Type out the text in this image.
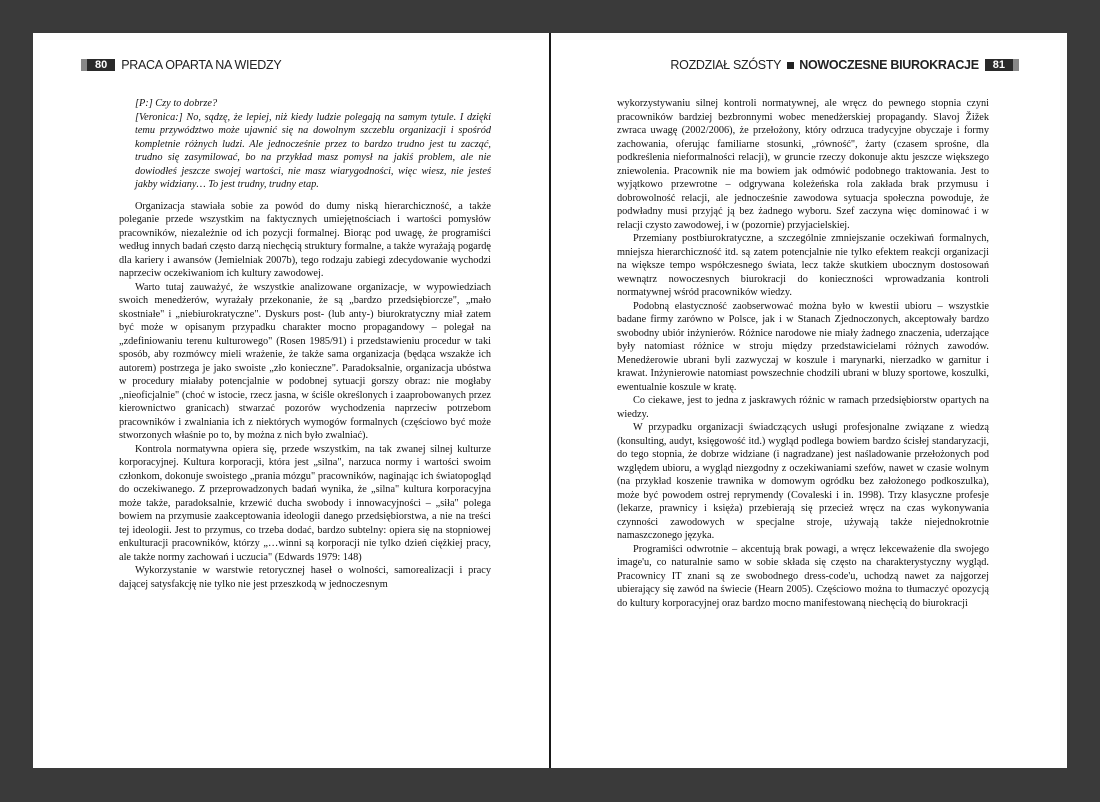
80	PRACA OPARTA NA WIEDZY

[P:] Czy to dobrze?

[Veronica:] No, sądzę, że lepiej, niż kiedy ludzie polegają na samym tytule. I dzięki temu przywództwo może ujawnić się na dowolnym szczeblu organizacji i spośród kompletnie różnych ludzi. Ale jednocześnie przez to bardzo trudno jest tu zacząć, trudno się zasymilować, bo na przykład masz pomysł na jakiś problem, ale nie dowiodłeś jeszcze swojej wartości, nie masz wiarygodności, więc wiesz, nie jesteś jakby widziany… To jest trudny, trudny etap.

Organizacja stawiała sobie za powód do dumy niską hierarchiczność, a także poleganie przede wszystkim na faktycznych umiejętnościach i wartości pomysłów pracowników, niezależnie od ich pozycji formalnej. Biorąc pod uwagę, że programiści według innych badań często darzą niechęcią struktury formalne, a także wyrażają pogardę dla kariery i awansów (Jemielniak 2007b), tego rodzaju zabiegi zdecydowanie wychodzi naprzeciw oczekiwaniom ich kultury zawodowej.

Warto tutaj zauważyć, że wszystkie analizowane organizacje, w wypowiedziach swoich menedżerów, wyrażały przekonanie, że są „bardzo przedsiębiorcze", „mało skostniałe" i „niebiurokratyczne". Dyskurs post- (lub anty-) biurokratyczny miał zatem być może w opisanym przypadku charakter mocno propagandowy – polegał na „zdefiniowaniu terenu kulturowego" (Rosen 1985/91) i przedstawieniu procedur w taki sposób, aby rozmówcy mieli wrażenie, że także sama organizacja (będąca wszakże ich autorem) postrzega je jako swoiste „zło konieczne". Paradoksalnie, organizacja ubóstwa w procedury miałaby potencjalnie w podobnej sytuacji gorszy obraz: nie mogłaby „nieoficjalnie" (choć w istocie, rzecz jasna, w ściśle określonych i zaaprobowanych przez kierownictwo granicach) stwarzać pozorów wychodzenia naprzeciw potrzebom pracowników i zwalniania ich z niektórych wymogów formalnych (częściowo być może stworzonych właśnie po to, by można z nich było zwalniać).

Kontrola normatywna opiera się, przede wszystkim, na tak zwanej silnej kulturze korporacyjnej. Kultura korporacji, która jest „silna", narzuca normy i wartości swoim członkom, dokonuje swoistego „prania mózgu" pracowników, naginając ich światopogląd do oczekiwanego. Z przeprowadzonych badań wynika, że „silna" kultura korporacyjna może także, paradoksalnie, krzewić ducha swobody i innowacyjności – „siła" polega bowiem na przymusie zaakceptowania ideologii danego przedsiębiorstwa, a nie na treści tej ideologii. Jest to przymus, co trzeba dodać, bardzo subtelny: opiera się na stopniowej enkulturacji pracowników, którzy „…winni są korporacji nie tylko dzień ciężkiej pracy, ale także normy zachowań i uczucia" (Edwards 1979: 148)

Wykorzystanie w warstwie retorycznej haseł o wolności, samorealizacji i pracy dającej satysfakcję nie tylko nie jest przeszkodą w jednoczesnym

ROZDZIAŁ SZÓSTY NOWOCZESNE BIUROKRACJE	81

wykorzystywaniu silnej kontroli normatywnej, ale wręcz do pewnego stopnia czyni pracowników bardziej bezbronnymi wobec menedżerskiej propagandy. Slavoj Žižek zwraca uwagę (2002/2006), że przełożony, który odrzuca tradycyjne obyczaje i formy zachowania, oferując familiarne stosunki, „równość", żarty (czasem sprośne, dla podkreślenia nieformalności relacji), w gruncie rzeczy dokonuje aktu jeszcze większego zniewolenia. Pracownik nie ma bowiem jak odmówić podobnego traktowania. Jest to wyjątkowo przewrotne – odgrywana koleżeńska rola zakłada brak przymusu i dobrowolność relacji, ale jednocześnie zawodowa sytuacja społeczna powoduje, że podwładny musi przyjąć ją bez żadnego wyboru. Szef zaczyna więc dominować i w relacji czysto zawodowej, i w (pozornie) przyjacielskiej.

Przemiany postbiurokratyczne, a szczególnie zmniejszanie oczekiwań formalnych, mniejsza hierarchiczność itd. są zatem potencjalnie nie tylko efektem reakcji organizacji na większe tempo współczesnego świata, lecz także skutkiem ubocznym dostosowań wewnątrz nowoczesnych biurokracji do konieczności wprowadzania kontroli normatywnej wśród pracowników wiedzy.

Podobną elastyczność zaobserwować można było w kwestii ubioru – wszystkie badane firmy zarówno w Polsce, jak i w Stanach Zjednoczonych, akceptowały bardzo swobodny ubiór inżynierów. Różnice narodowe nie miały żadnego znaczenia, uderzające były natomiast różnice w stroju między przedstawicielami różnych zawodów. Menedżerowie ubrani byli zazwyczaj w koszule i marynarki, nierzadko w garnitur i krawat. Inżynierowie natomiast powszechnie chodzili ubrani w bluzy sportowe, koszulki, ewentualnie koszule w kratę.

Co ciekawe, jest to jedna z jaskrawych różnic w ramach przedsiębiorstw opartych na wiedzy.

W przypadku organizacji świadczących usługi profesjonalne związane z wiedzą (konsulting, audyt, księgowość itd.) wygląd podlega bowiem bardzo ścisłej standaryzacji, do tego stopnia, że dobrze widziane (i nagradzane) jest naśladowanie przełożonych pod względem ubioru, a wygląd niezgodny z oczekiwaniami szefów, nawet w czasie wolnym (na przykład koszenie trawnika w domowym ogródku bez założonego podkoszulka), może być powodem ostrej reprymendy (Covaleski i in. 1998). Trzy klasyczne profesje (lekarze, prawnicy i księża) przebierają się przecież wręcz na czas wykonywania czynności zawodowych w specjalne stroje, używają także niejednokrotnie namaszczonego języka.

Programiści odwrotnie – akcentują brak powagi, a wręcz lekceważenie dla swojego image'u, co naturalnie samo w sobie składa się często na charakterystyczny wygląd. Pracownicy IT znani są ze swobodnego dress-code'u, uchodzą nawet za najgorzej ubierający się zawód na świecie (Hearn 2005). Częściowo można to tłumaczyć opozycją do kultury korporacyjnej oraz bardzo mocno manifestowaną niechęcią do biurokracji
